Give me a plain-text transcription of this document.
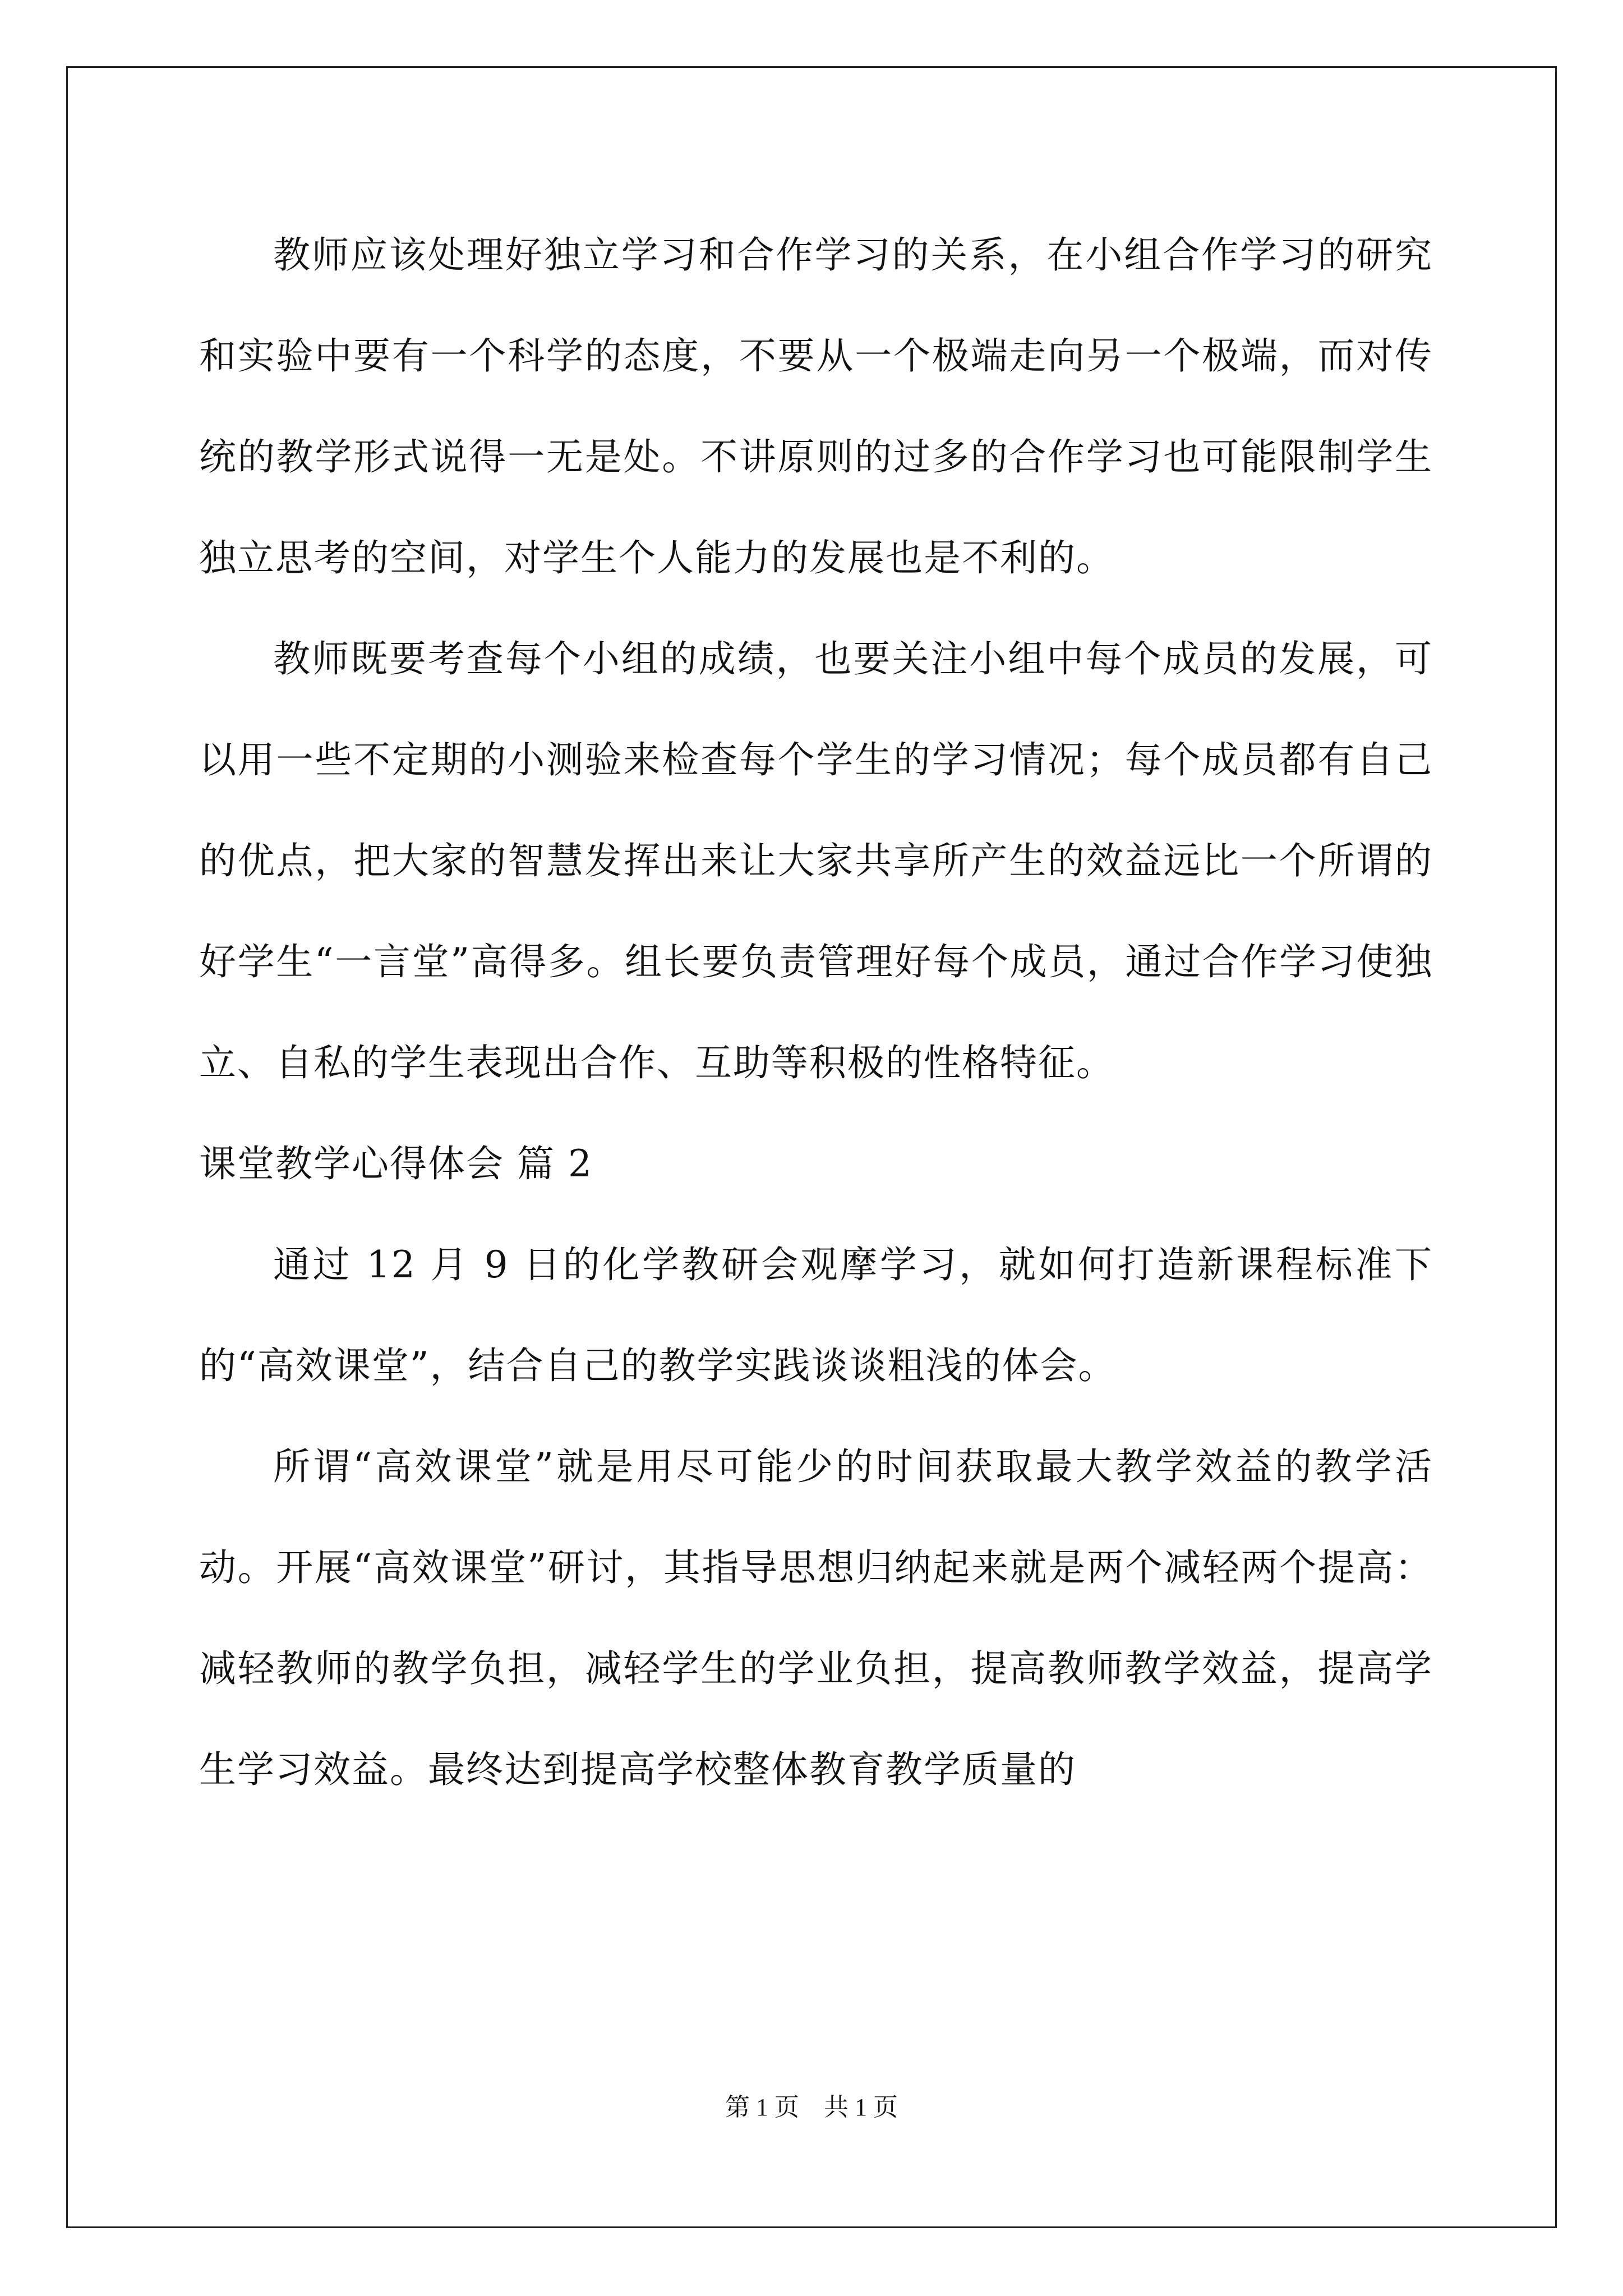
教师应该处理好独立学习和合作学习的关系，在小组合作学习的研究和实验中要有一个科学的态度，不要从一个极端走向另一个极端，而对传统的教学形式说得一无是处。不讲原则的过多的合作学习也可能限制学生独立思考的空间，对学生个人能力的发展也是不利的。

教师既要考查每个小组的成绩，也要关注小组中每个成员的发展，可以用一些不定期的小测验来检查每个学生的学习情况；每个成员都有自己的优点，把大家的智慧发挥出来让大家共享所产生的效益远比一个所谓的好学生“一言堂”高得多。组长要负责管理好每个成员，通过合作学习使独立、自私的学生表现出合作、互助等积极的性格特征。

课堂教学心得体会 篇 2

通过 12 月 9 日的化学教研会观摩学习，就如何打造新课程标准下的“高效课堂”，结合自己的教学实践谈谈粗浅的体会。

所谓“高效课堂”就是用尽可能少的时间获取最大教学效益的教学活动。开展“高效课堂”研讨，其指导思想归纳起来就是两个减轻两个提高：减轻教师的教学负担，减轻学生的学业负担，提高教师教学效益，提高学生学习效益。最终达到提高学校整体教育教学质量的

第 1 页　共 1 页
